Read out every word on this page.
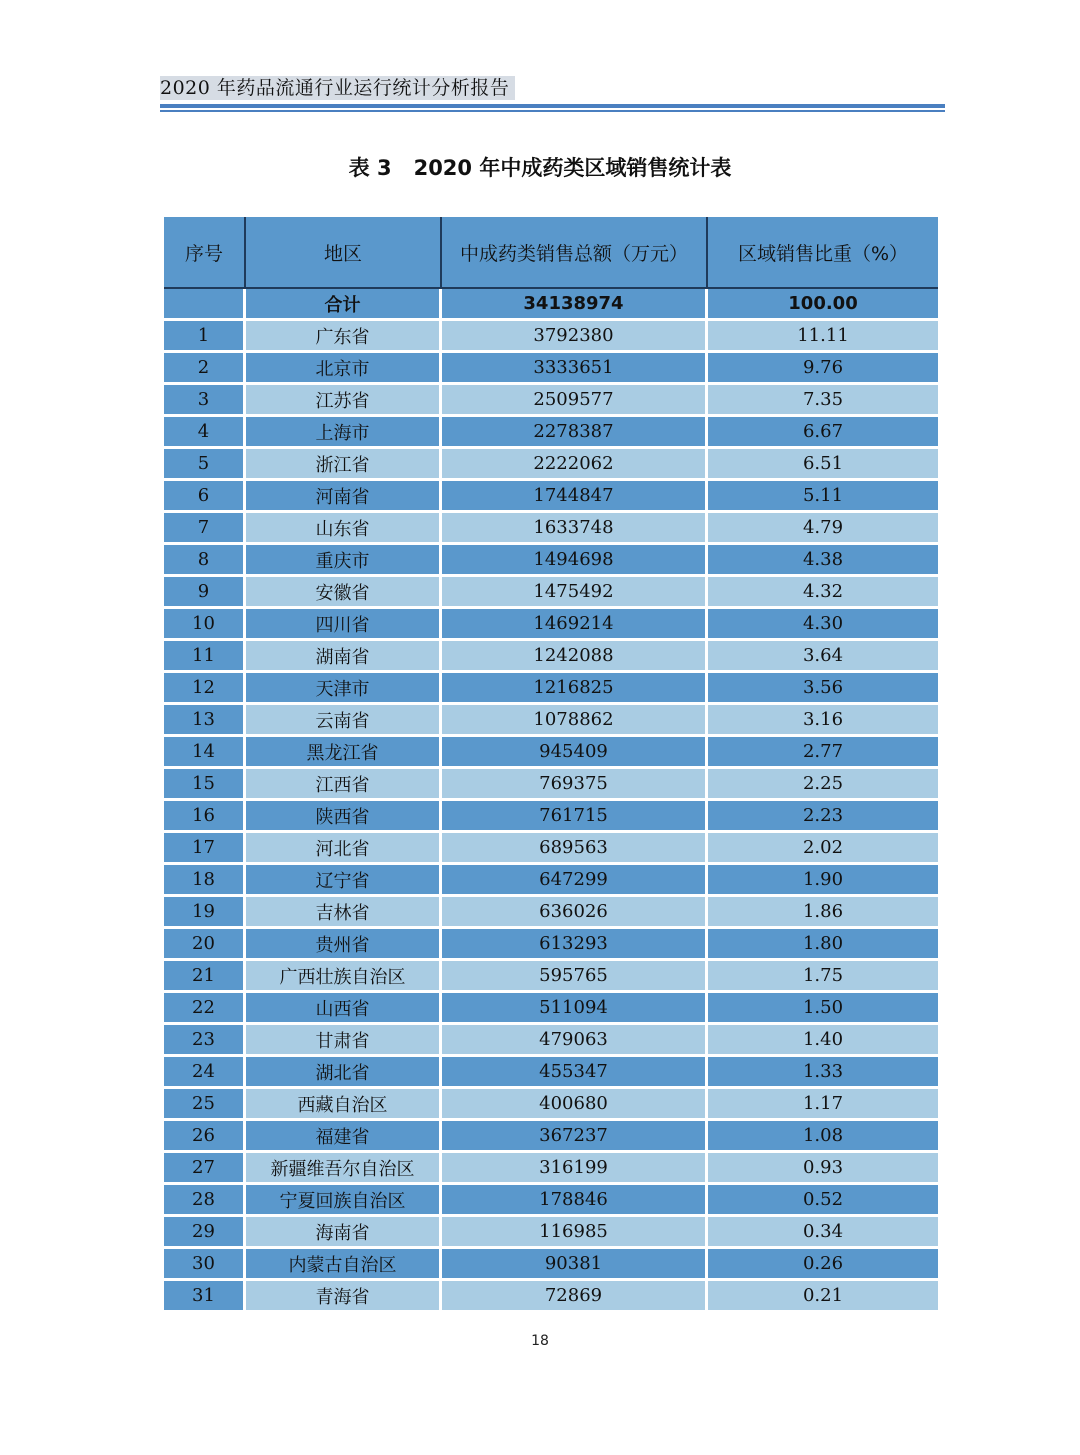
2020 年药品流通行业运行统计分析报告
表 3 2020 年中成药类区域销售统计表
序号	地区	中成药类销售总额（万元）	区域销售比重（%）
	合计	34138974	100.00
1	广东省	3792380	11.11
2	北京市	3333651	9.76
3	江苏省	2509577	7.35
4	上海市	2278387	6.67
5	浙江省	2222062	6.51
6	河南省	1744847	5.11
7	山东省	1633748	4.79
8	重庆市	1494698	4.38
9	安徽省	1475492	4.32
10	四川省	1469214	4.30
11	湖南省	1242088	3.64
12	天津市	1216825	3.56
13	云南省	1078862	3.16
14	黑龙江省	945409	2.77
15	江西省	769375	2.25
16	陕西省	761715	2.23
17	河北省	689563	2.02
18	辽宁省	647299	1.90
19	吉林省	636026	1.86
20	贵州省	613293	1.80
21	广西壮族自治区	595765	1.75
22	山西省	511094	1.50
23	甘肃省	479063	1.40
24	湖北省	455347	1.33
25	西藏自治区	400680	1.17
26	福建省	367237	1.08
27	新疆维吾尔自治区	316199	0.93
28	宁夏回族自治区	178846	0.52
29	海南省	116985	0.34
30	内蒙古自治区	90381	0.26
31	青海省	72869	0.21
18
